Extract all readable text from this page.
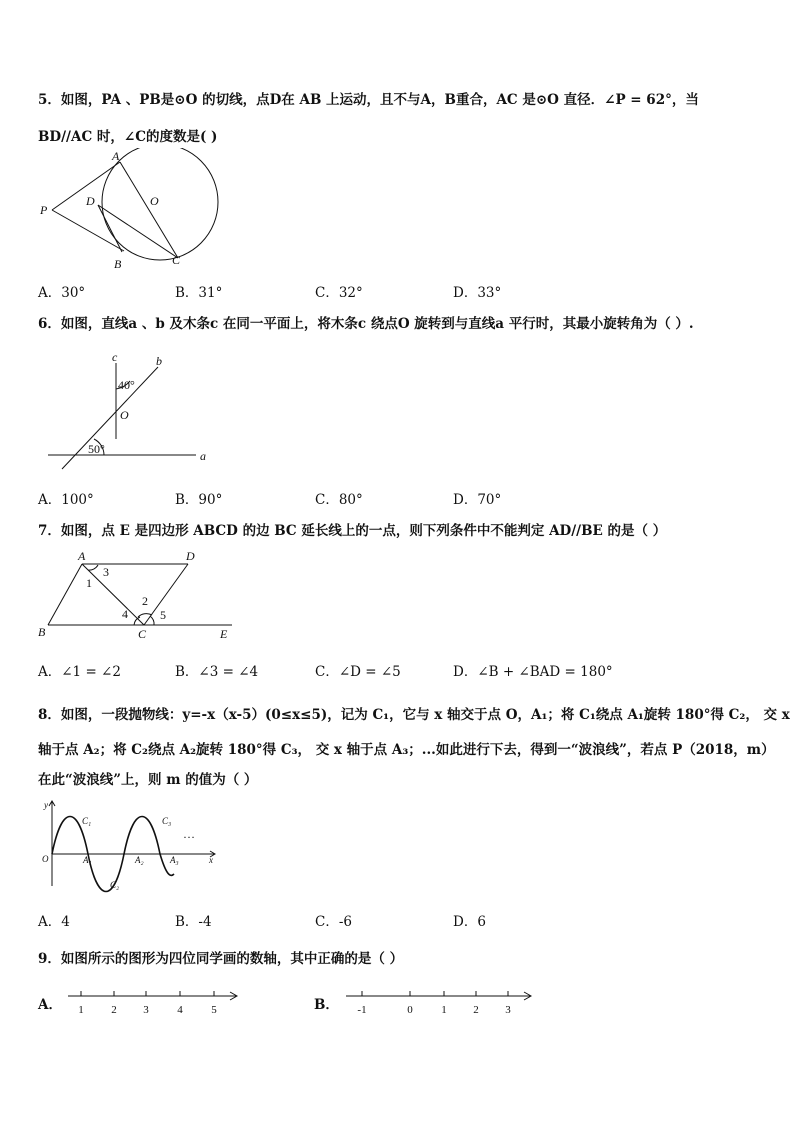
5．如图，PA 、PB是⊙O 的切线，点D在 AB 上运动，且不与A，B重合，AC 是⊙O 直径．∠P = 62°，当
BD//AC 时，∠C的度数是( )
A
D	O
P
B	C
A．30°	B．31°	C．32°	D．33°
6．如图，直线a 、b 及木条c 在同一平面上，将木条c 绕点O 旋转到与直线a 平行时，其最小旋转角为（ ）.
c	b
40°
O
50°	a
A．100°	B．90°	C．80°	D．70°
7．如图，点 E 是四边形 ABCD 的边 BC 延长线上的一点，则下列条件中不能判定 AD//BE 的是（ ）
A	D
1
3
2
4	5
B	C	E
A．∠1 = ∠2	B．∠3 = ∠4	C．∠D = ∠5	D．∠B + ∠BAD = 180°
8．如图，一段抛物线：y=-x（x-5）(0≤x≤5)，记为 C₁，它与 x 轴交于点 O，A₁；将 C₁绕点 A₁旋转 180°得 C₂， 交 x
轴于点 A₂；将 C₂绕点 A₂旋转 180°得 C₃， 交 x 轴于点 A₃；...如此进行下去，得到一“波浪线”，若点 P（2018，m）
在此“波浪线”上，则 m 的值为（ ）
y
C₁	C₃
…
O	A₁	A₂	A₃	x
C₂
A．4	B．-4	C．-6	D．6
9．如图所示的图形为四位同学画的数轴，其中正确的是（ ）
A．	B．
1	2 3	4	5	-1	0	1 2 3
